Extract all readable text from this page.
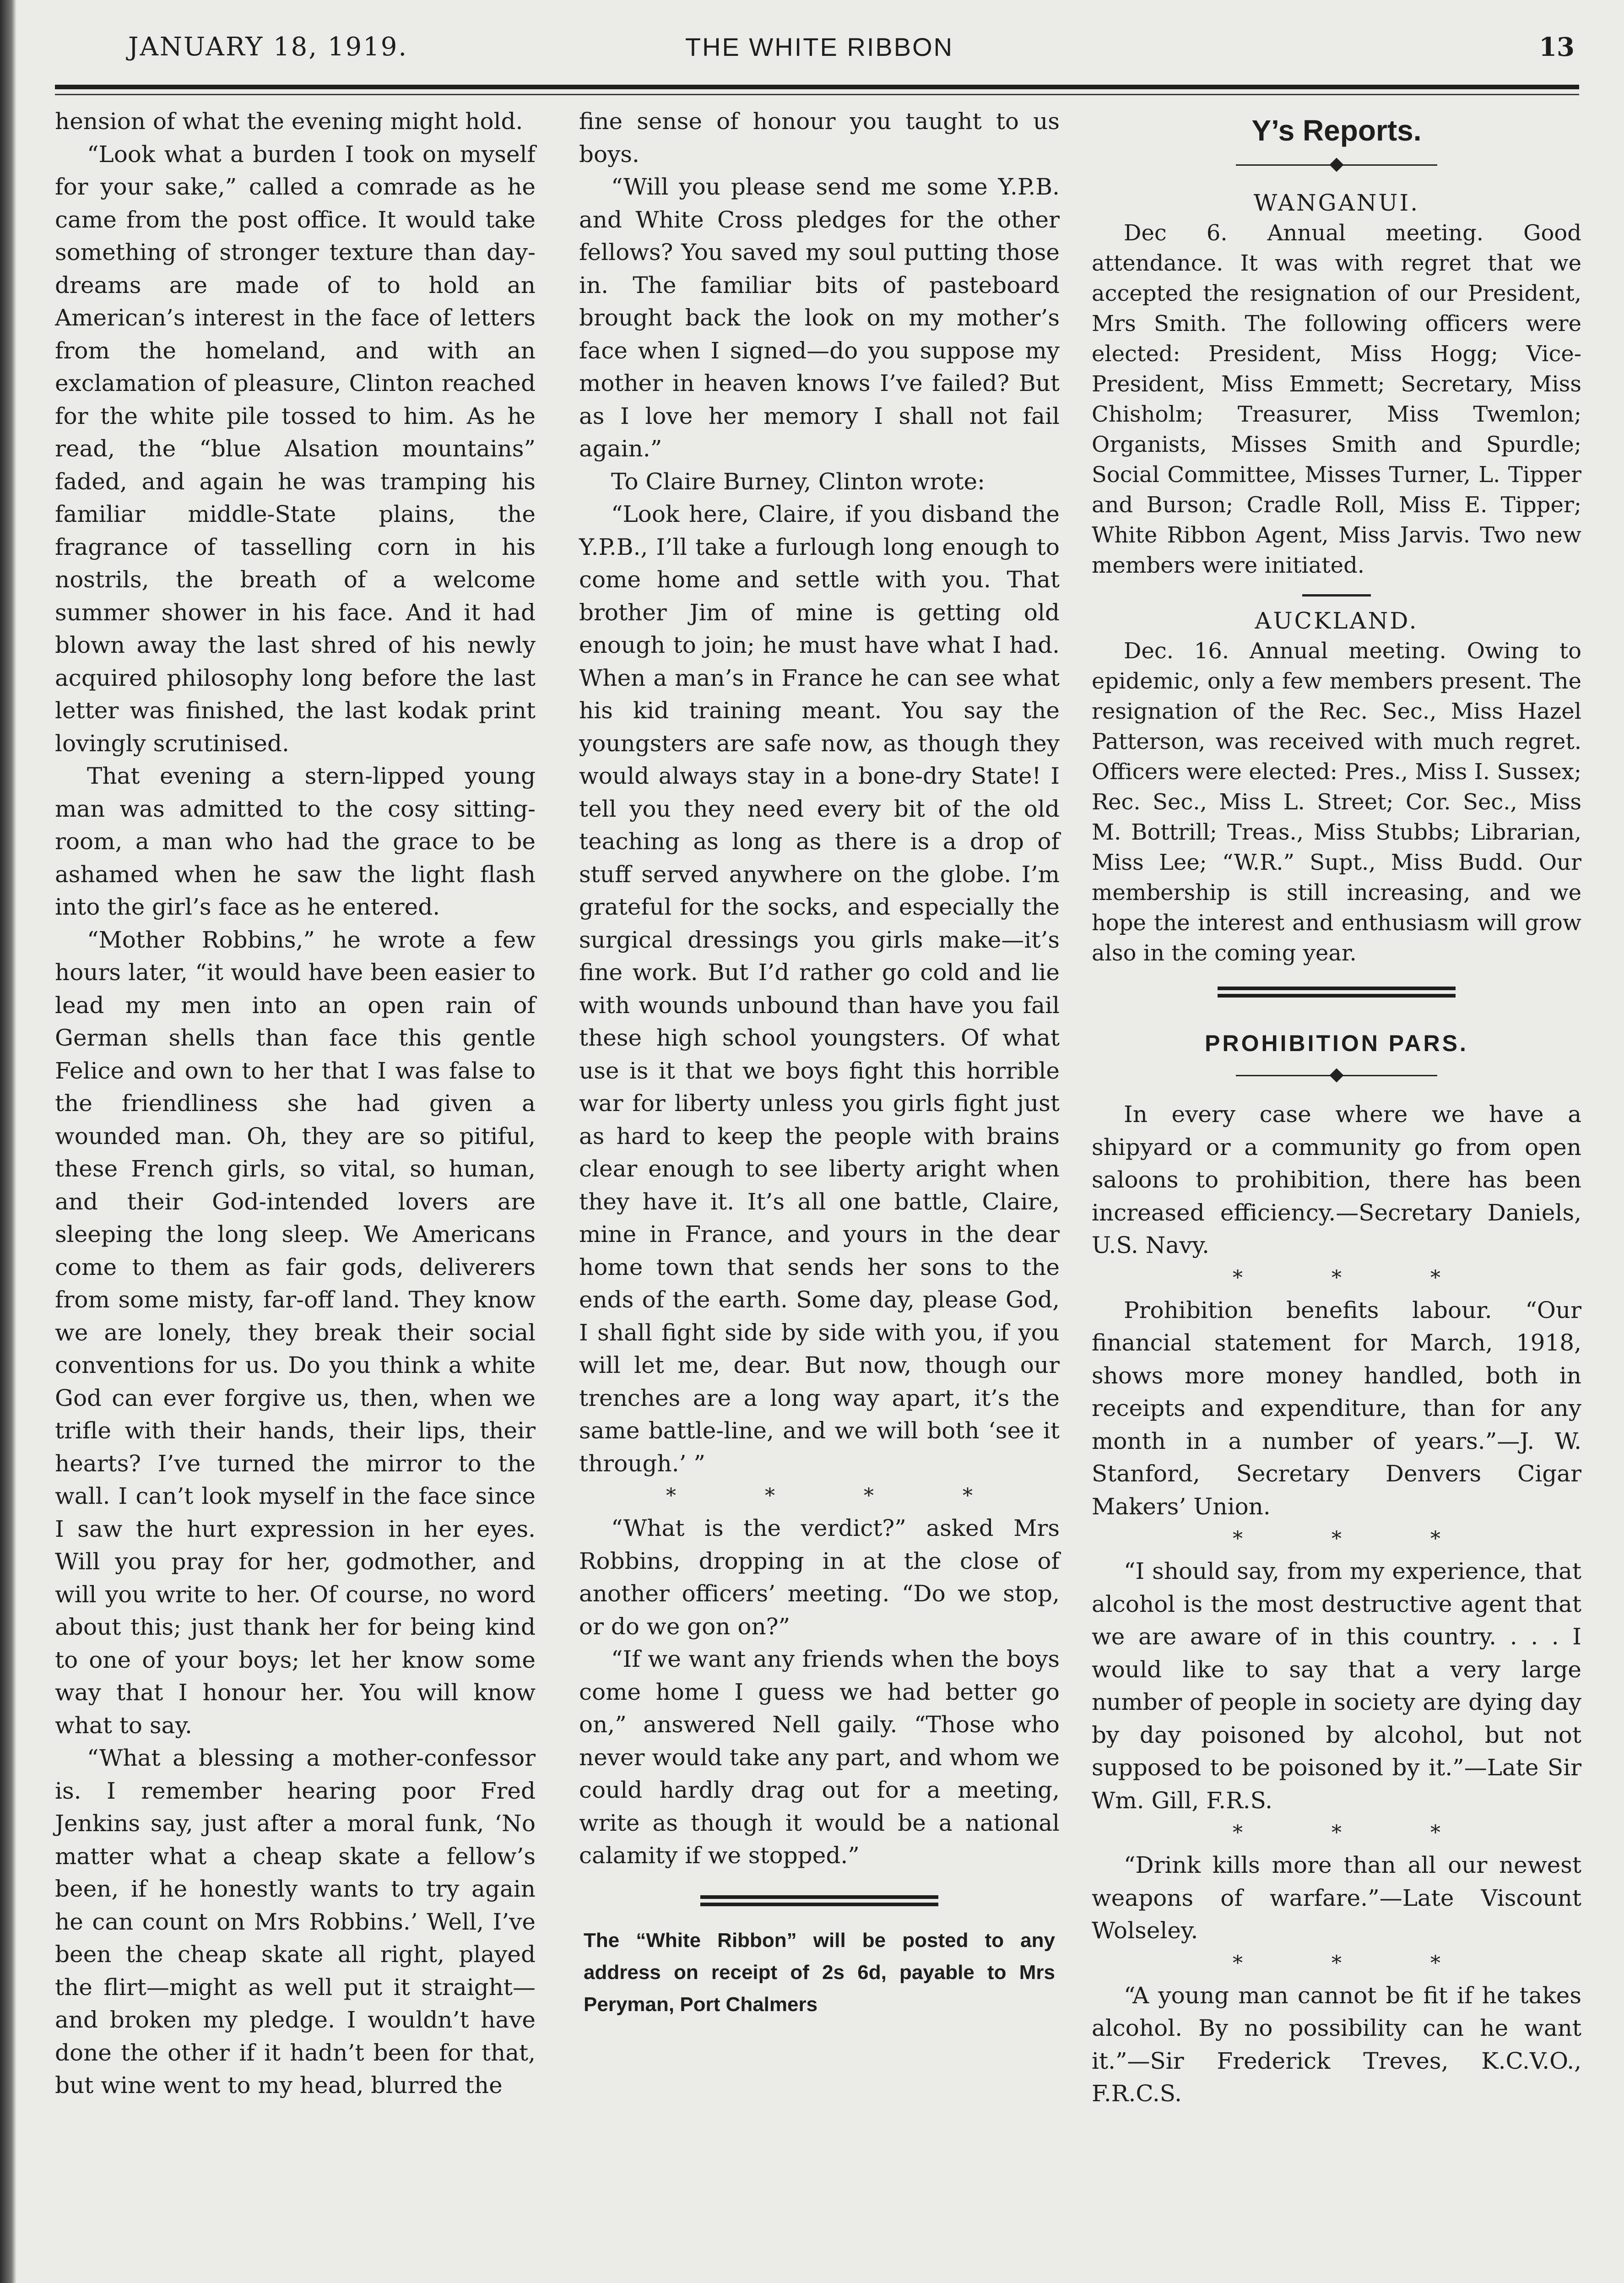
JANUARY 18, 1919.	THE WHITE RIBBON	13

hension of what the evening might hold.

“Look what a burden I took on myself for your sake,” called a comrade as he came from the post office. It would take something of stronger texture than day-dreams are made of to hold an American’s interest in the face of letters from the homeland, and with an exclamation of pleasure, Clinton reached for the white pile tossed to him. As he read, the “blue Alsation mountains” faded, and again he was tramping his familiar middle-State plains, the fragrance of tasselling corn in his nostrils, the breath of a welcome summer shower in his face. And it had blown away the last shred of his newly acquired philosophy long before the last letter was finished, the last kodak print lovingly scrutinised.

That evening a stern-lipped young man was admitted to the cosy sitting-room, a man who had the grace to be ashamed when he saw the light flash into the girl’s face as he entered.

“Mother Robbins,” he wrote a few hours later, “it would have been easier to lead my men into an open rain of German shells than face this gentle Felice and own to her that I was false to the friendliness she had given a wounded man. Oh, they are so pitiful, these French girls, so vital, so human, and their God-intended lovers are sleeping the long sleep. We Americans come to them as fair gods, deliverers from some misty, far-off land. They know we are lonely, they break their social conventions for us. Do you think a white God can ever forgive us, then, when we trifle with their hands, their lips, their hearts? I’ve turned the mirror to the wall. I can’t look myself in the face since I saw the hurt expression in her eyes. Will you pray for her, godmother, and will you write to her. Of course, no word about this; just thank her for being kind to one of your boys; let her know some way that I honour her. You will know what to say.

“What a blessing a mother-confessor is. I remember hearing poor Fred Jenkins say, just after a moral funk, ‘No matter what a cheap skate a fellow’s been, if he honestly wants to try again he can count on Mrs Robbins.’ Well, I’ve been the cheap skate all right, played the flirt—might as well put it straight—and broken my pledge. I wouldn’t have done the other if it hadn’t been for that, but wine went to my head, blurred the

fine sense of honour you taught to us boys.

“Will you please send me some Y.P.B. and White Cross pledges for the other fellows? You saved my soul putting those in. The familiar bits of pasteboard brought back the look on my mother’s face when I signed—do you suppose my mother in heaven knows I’ve failed? But as I love her memory I shall not fail again.”

To Claire Burney, Clinton wrote:

“Look here, Claire, if you disband the Y.P.B., I’ll take a furlough long enough to come home and settle with you. That brother Jim of mine is getting old enough to join; he must have what I had. When a man’s in France he can see what his kid training meant. You say the youngsters are safe now, as though they would always stay in a bone-dry State! I tell you they need every bit of the old teaching as long as there is a drop of stuff served anywhere on the globe. I’m grateful for the socks, and especially the surgical dressings you girls make—it’s fine work. But I’d rather go cold and lie with wounds unbound than have you fail these high school youngsters. Of what use is it that we boys fight this horrible war for liberty unless you girls fight just as hard to keep the people with brains clear enough to see liberty aright when they have it. It’s all one battle, Claire, mine in France, and yours in the dear home town that sends her sons to the ends of the earth. Some day, please God, I shall fight side by side with you, if you will let me, dear. But now, though our trenches are a long way apart, it’s the same battle-line, and we will both ‘see it through.’ ”

* * * *

“What is the verdict?” asked Mrs Robbins, dropping in at the close of another officers’ meeting. “Do we stop, or do we gon on?”

“If we want any friends when the boys come home I guess we had better go on,” answered Nell gaily. “Those who never would take any part, and whom we could hardly drag out for a meeting, write as though it would be a national calamity if we stopped.”

The “White Ribbon” will be posted to any address on receipt of 2s 6d, payable to Mrs Peryman, Port Chalmers
Y’s Reports.
WANGANUI.

Dec 6. Annual meeting. Good attendance. It was with regret that we accepted the resignation of our President, Mrs Smith. The following officers were elected: President, Miss Hogg; Vice-President, Miss Emmett; Secretary, Miss Chisholm; Treasurer, Miss Twemlon; Organists, Misses Smith and Spurdle; Social Committee, Misses Turner, L. Tipper and Burson; Cradle Roll, Miss E. Tipper; White Ribbon Agent, Miss Jarvis. Two new members were initiated.

AUCKLAND.

Dec. 16. Annual meeting. Owing to epidemic, only a few members present. The resignation of the Rec. Sec., Miss Hazel Patterson, was received with much regret. Officers were elected: Pres., Miss I. Sussex; Rec. Sec., Miss L. Street; Cor. Sec., Miss M. Bottrill; Treas., Miss Stubbs; Librarian, Miss Lee; “W.R.” Supt., Miss Budd. Our membership is still increasing, and we hope the interest and enthusiasm will grow also in the coming year.

PROHIBITION PARS.

In every case where we have a shipyard or a community go from open saloons to prohibition, there has been increased efficiency.—Secretary Daniels, U.S. Navy.

* * *

Prohibition benefits labour. “Our financial statement for March, 1918, shows more money handled, both in receipts and expenditure, than for any month in a number of years.”—J. W. Stanford, Secretary Denvers Cigar Makers’ Union.

* * *

“I should say, from my experience, that alcohol is the most destructive agent that we are aware of in this country. . . . I would like to say that a very large number of people in society are dying day by day poisoned by alcohol, but not supposed to be poisoned by it.”—Late Sir Wm. Gill, F.R.S.

* * *

“Drink kills more than all our newest weapons of warfare.”—Late Viscount Wolseley.

* * *

“A young man cannot be fit if he takes alcohol. By no possibility can he want it.”—Sir Frederick Treves, K.C.V.O., F.R.C.S.
